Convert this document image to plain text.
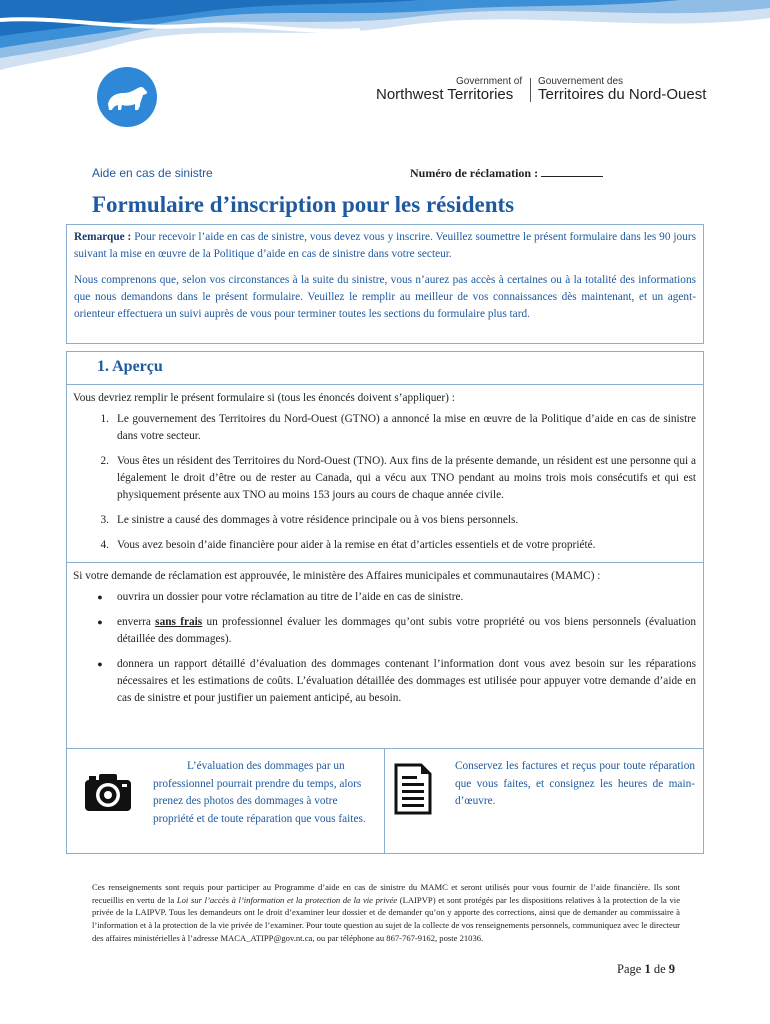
Government of
Northwest Territories
Gouvernement des
Territoires du Nord-Ouest
Aide en cas de sinistre	Numéro de réclamation :
Formulaire d’inscription pour les résidents

Remarque : Pour recevoir l’aide en cas de sinistre, vous devez vous y inscrire. Veuillez soumettre le présent formulaire dans les 90 jours suivant la mise en œuvre de la Politique d’aide en cas de sinistre dans votre secteur.

Nous comprenons que, selon vos circonstances à la suite du sinistre, vous n’aurez pas accès à certaines ou à la totalité des informations que nous demandons dans le présent formulaire. Veuillez le remplir au meilleur de vos connaissances dès maintenant, et un agent-orienteur effectuera un suivi auprès de vous pour terminer toutes les sections du formulaire plus tard.

1. Aperçu
Vous devriez remplir le présent formulaire si (tous les énoncés doivent s’appliquer) :
1. Le gouvernement des Territoires du Nord-Ouest (GTNO) a annoncé la mise en œuvre de la Politique d’aide en cas de sinistre dans votre secteur.
2. Vous êtes un résident des Territoires du Nord-Ouest (TNO). Aux fins de la présente demande, un résident est une personne qui a légalement le droit d’être ou de rester au Canada, qui a vécu aux TNO pendant au moins trois mois consécutifs et qui est physiquement présente aux TNO au moins 153 jours au cours de chaque année civile.
3. Le sinistre a causé des dommages à votre résidence principale ou à vos biens personnels.
4. Vous avez besoin d’aide financière pour aider à la remise en état d’articles essentiels et de votre propriété.
Si votre demande de réclamation est approuvée, le ministère des Affaires municipales et communautaires (MAMC) :
●	ouvrira un dossier pour votre réclamation au titre de l’aide en cas de sinistre.
●	enverra sans frais un professionnel évaluer les dommages qu’ont subis votre propriété ou vos biens personnels (évaluation détaillée des dommages).
●	donnera un rapport détaillé d’évaluation des dommages contenant l’information dont vous avez besoin sur les réparations nécessaires et les estimations de coûts. L’évaluation détaillée des dommages est utilisée pour appuyer votre demande d’aide en cas de sinistre et pour justifier un paiement anticipé, au besoin.
L’évaluation des dommages par un professionnel pourrait prendre du temps, alors prenez des photos des dommages à votre propriété et de toute réparation que vous faites.
Conservez les factures et reçus pour toute réparation que vous faites, et consignez les heures de main-d’œuvre.
Ces renseignements sont requis pour participer au Programme d’aide en cas de sinistre du MAMC et seront utilisés pour vous fournir de l’aide financière. Ils sont recueillis en vertu de la Loi sur l’accès à l’information et la protection de la vie privée (LAIPVP) et sont protégés par les dispositions relatives à la protection de la vie privée de la LAIPVP. Tous les demandeurs ont le droit d’examiner leur dossier et de demander qu’on y apporte des corrections, ainsi que de demander au commissaire à l’information et à la protection de la vie privée de l’examiner. Pour toute question au sujet de la collecte de vos renseignements personnels, communiquez avec le directeur des affaires ministérielles à l’adresse MACA_ATIPP@gov.nt.ca, ou par téléphone au 867-767-9162, poste 21036.
Page 1 de 9
